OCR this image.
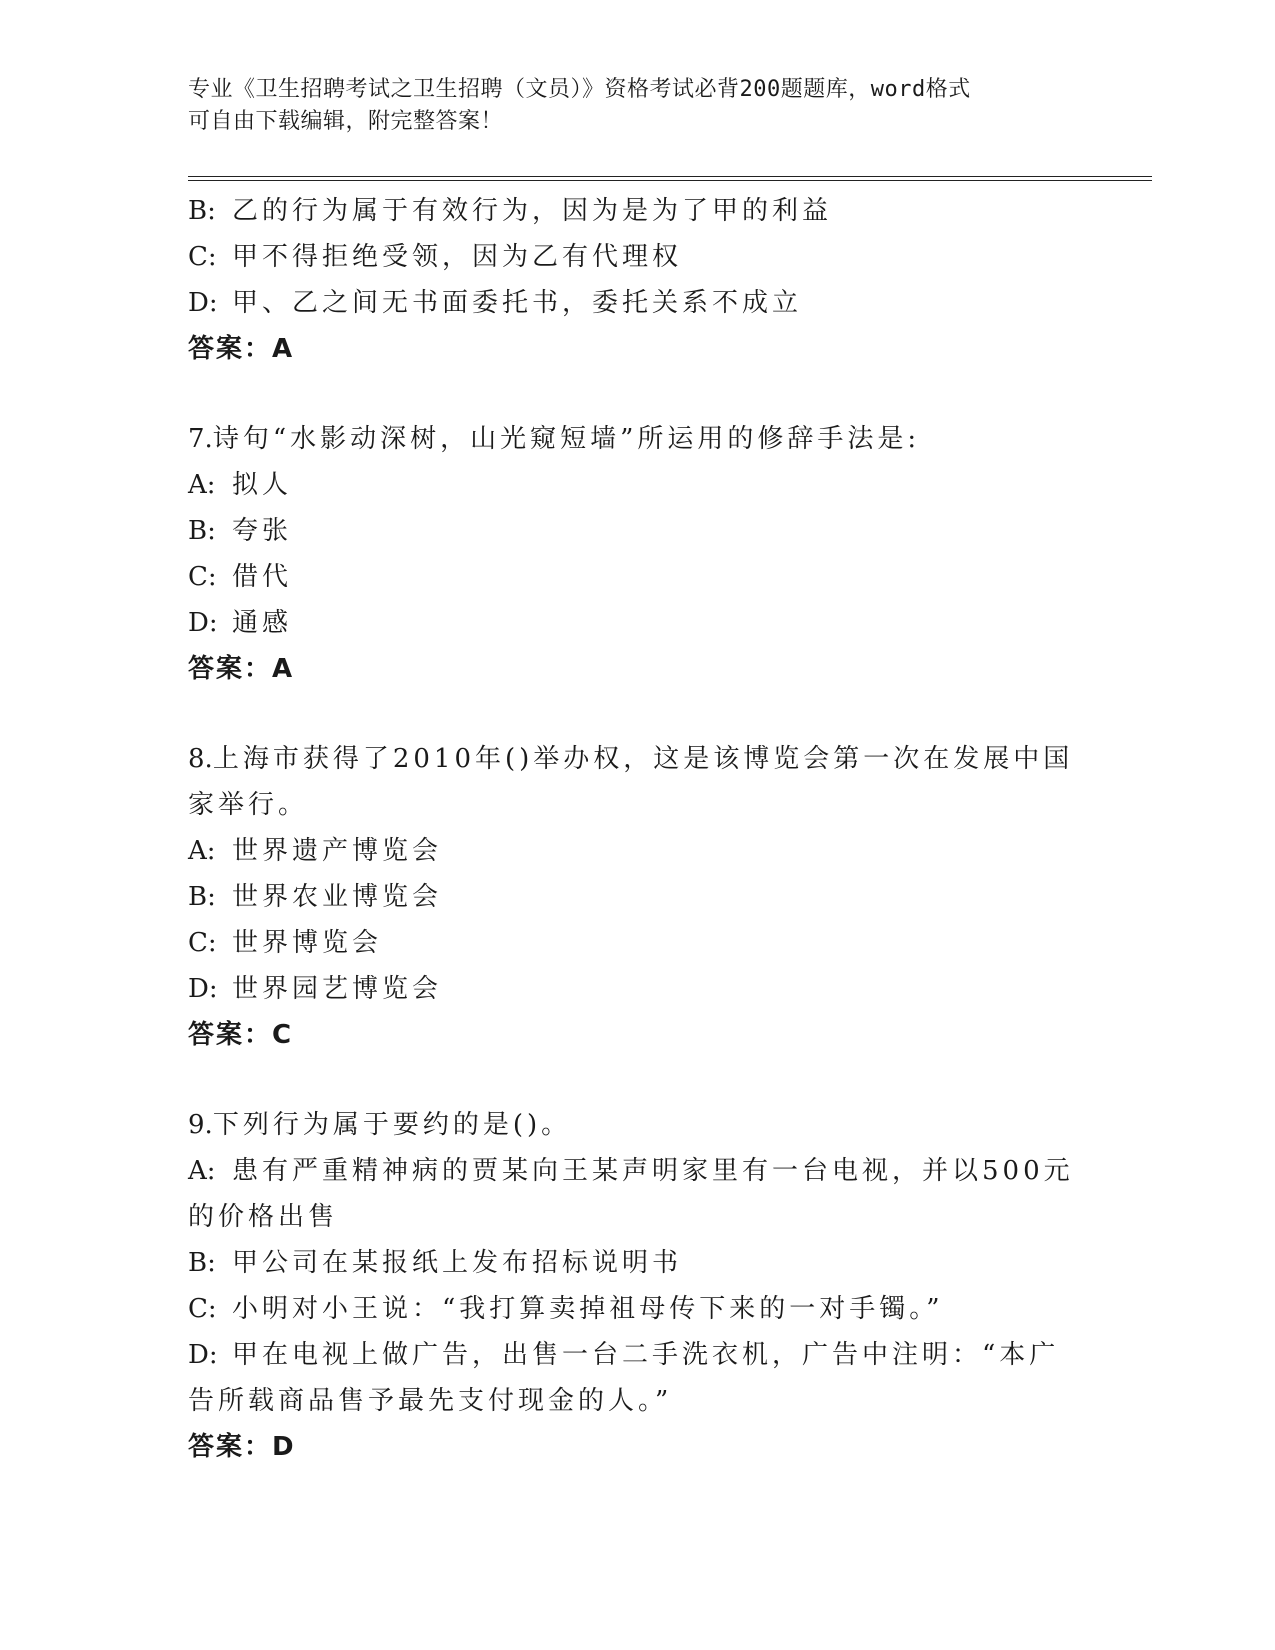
专业《卫生招聘考试之卫生招聘（文员）》资格考试必背200题题库，word格式
可自由下载编辑，附完整答案！
B: 乙的行为属于有效行为，因为是为了甲的利益
C: 甲不得拒绝受领，因为乙有代理权
D: 甲、乙之间无书面委托书，委托关系不成立
答案：A
7.诗句“水影动深树，山光窥短墙”所运用的修辞手法是:
A: 拟人
B: 夸张
C: 借代
D: 通感
答案：A
8.上海市获得了2010年()举办权，这是该博览会第一次在发展中国家举行。
A: 世界遗产博览会
B: 世界农业博览会
C: 世界博览会
D: 世界园艺博览会
答案：C
9.下列行为属于要约的是()。
A: 患有严重精神病的贾某向王某声明家里有一台电视，并以500元的价格出售
B: 甲公司在某报纸上发布招标说明书
C: 小明对小王说：“我打算卖掉祖母传下来的一对手镯。”
D: 甲在电视上做广告，出售一台二手洗衣机，广告中注明：“本广告所载商品售予最先支付现金的人。”
答案：D
